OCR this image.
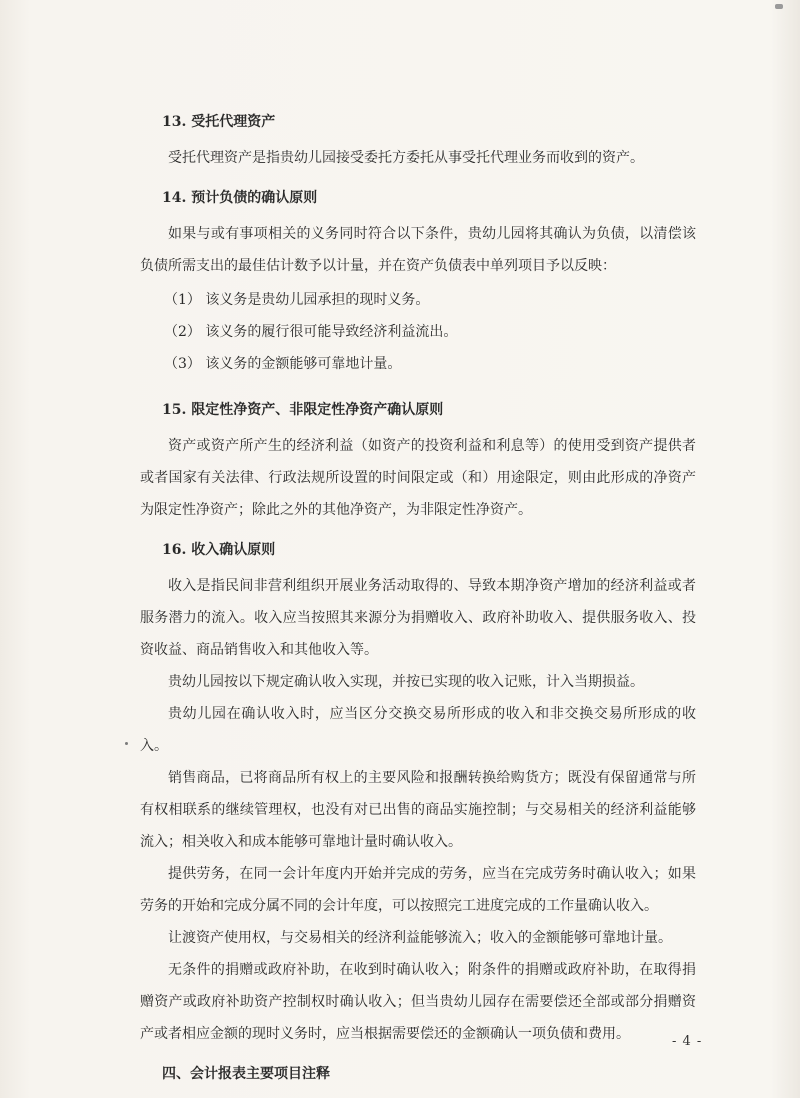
13. 受托代理资产

受托代理资产是指贵幼儿园接受委托方委托从事受托代理业务而收到的资产。

14. 预计负债的确认原则

如果与或有事项相关的义务同时符合以下条件，贵幼儿园将其确认为负债，以清偿该负债所需支出的最佳估计数予以计量，并在资产负债表中单列项目予以反映：

（1） 该义务是贵幼儿园承担的现时义务。
（2） 该义务的履行很可能导致经济利益流出。
（3） 该义务的金额能够可靠地计量。
15. 限定性净资产、非限定性净资产确认原则

资产或资产所产生的经济利益（如资产的投资利益和利息等）的使用受到资产提供者或者国家有关法律、行政法规所设置的时间限定或（和）用途限定，则由此形成的净资产为限定性净资产；除此之外的其他净资产，为非限定性净资产。

16. 收入确认原则

收入是指民间非营利组织开展业务活动取得的、导致本期净资产增加的经济利益或者服务潜力的流入。收入应当按照其来源分为捐赠收入、政府补助收入、提供服务收入、投资收益、商品销售收入和其他收入等。

贵幼儿园按以下规定确认收入实现，并按已实现的收入记账，计入当期损益。

贵幼儿园在确认收入时，应当区分交换交易所形成的收入和非交换交易所形成的收入。

销售商品，已将商品所有权上的主要风险和报酬转换给购货方；既没有保留通常与所有权相联系的继续管理权，也没有对已出售的商品实施控制；与交易相关的经济利益能够流入；相关收入和成本能够可靠地计量时确认收入。

提供劳务，在同一会计年度内开始并完成的劳务，应当在完成劳务时确认收入；如果劳务的开始和完成分属不同的会计年度，可以按照完工进度完成的工作量确认收入。

让渡资产使用权，与交易相关的经济利益能够流入；收入的金额能够可靠地计量。

无条件的捐赠或政府补助，在收到时确认收入；附条件的捐赠或政府补助，在取得捐赠资产或政府补助资产控制权时确认收入；但当贵幼儿园存在需要偿还全部或部分捐赠资产或者相应金额的现时义务时，应当根据需要偿还的金额确认一项负债和费用。

四、会计报表主要项目注释
- 4 -
